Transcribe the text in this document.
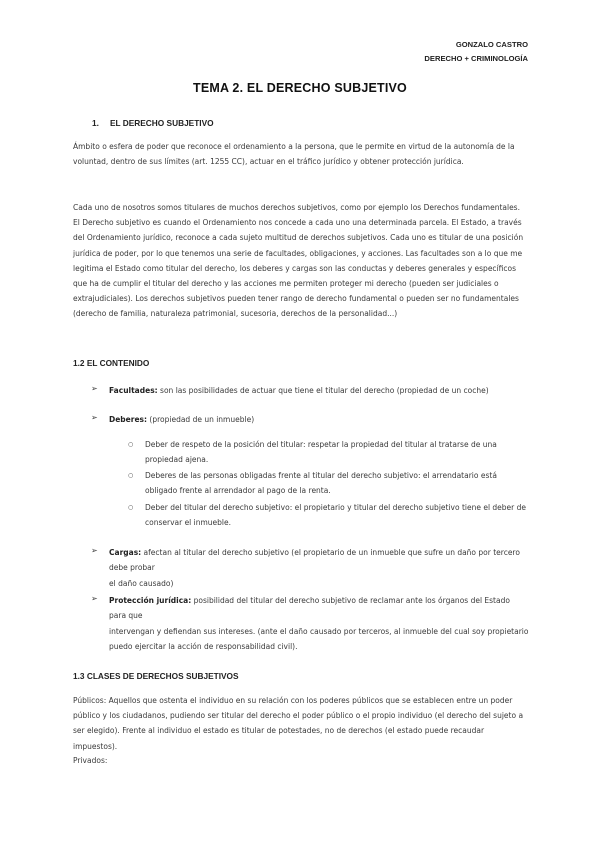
GONZALO CASTRO
DERECHO + CRIMINOLOGÍA
TEMA 2. EL DERECHO SUBJETIVO
1. EL DERECHO SUBJETIVO

Ámbito o esfera de poder que reconoce el ordenamiento a la persona, que le permite en virtud de la autonomía de la voluntad, dentro de sus límites (art. 1255 CC), actuar en el tráfico jurídico y obtener protección jurídica.

Cada uno de nosotros somos titulares de muchos derechos subjetivos, como por ejemplo los Derechos fundamentales. El Derecho subjetivo es cuando el Ordenamiento nos concede a cada uno una determinada parcela. El Estado, a través del Ordenamiento jurídico, reconoce a cada sujeto multitud de derechos subjetivos. Cada uno es titular de una posición jurídica de poder, por lo que tenemos una serie de facultades, obligaciones, y acciones. Las facultades son a lo que me legitima el Estado como titular del derecho, los deberes y cargas son las conductas y deberes generales y específicos que ha de cumplir el titular del derecho y las acciones me permiten proteger mi derecho (pueden ser judiciales o extrajudiciales). Los derechos subjetivos pueden tener rango de derecho fundamental o pueden ser no fundamentales (derecho de familia, naturaleza patrimonial, sucesoria, derechos de la personalidad...)

1.2 EL CONTENIDO
➢ Facultades: son las posibilidades de actuar que tiene el titular del derecho (propiedad de un coche)

➢ Deberes: (propiedad de un inmueble)

○ Deber de respeto de la posición del titular: respetar la propiedad del titular al tratarse de una propiedad ajena.

○ Deberes de las personas obligadas frente al titular del derecho subjetivo: el arrendatario está obligado frente al arrendador al pago de la renta.

○ Deber del titular del derecho subjetivo: el propietario y titular del derecho subjetivo tiene el deber de conservar el inmueble.

➢ Cargas: afectan al titular del derecho subjetivo (el propietario de un inmueble que sufre un daño por tercero debe probar

el daño causado)

➢ Protección jurídica: posibilidad del titular del derecho subjetivo de reclamar ante los órganos del Estado para que

intervengan y defiendan sus intereses. (ante el daño causado por terceros, al inmueble del cual soy propietario puedo ejercitar la acción de responsabilidad civil).

1.3 CLASES DE DERECHOS SUBJETIVOS

Públicos: Aquellos que ostenta el individuo en su relación con los poderes públicos que se establecen entre un poder público y los ciudadanos, pudiendo ser titular del derecho el poder público o el propio individuo (el derecho del sujeto a ser elegido). Frente al individuo el estado es titular de potestades, no de derechos (el estado puede recaudar impuestos).

Privados:
